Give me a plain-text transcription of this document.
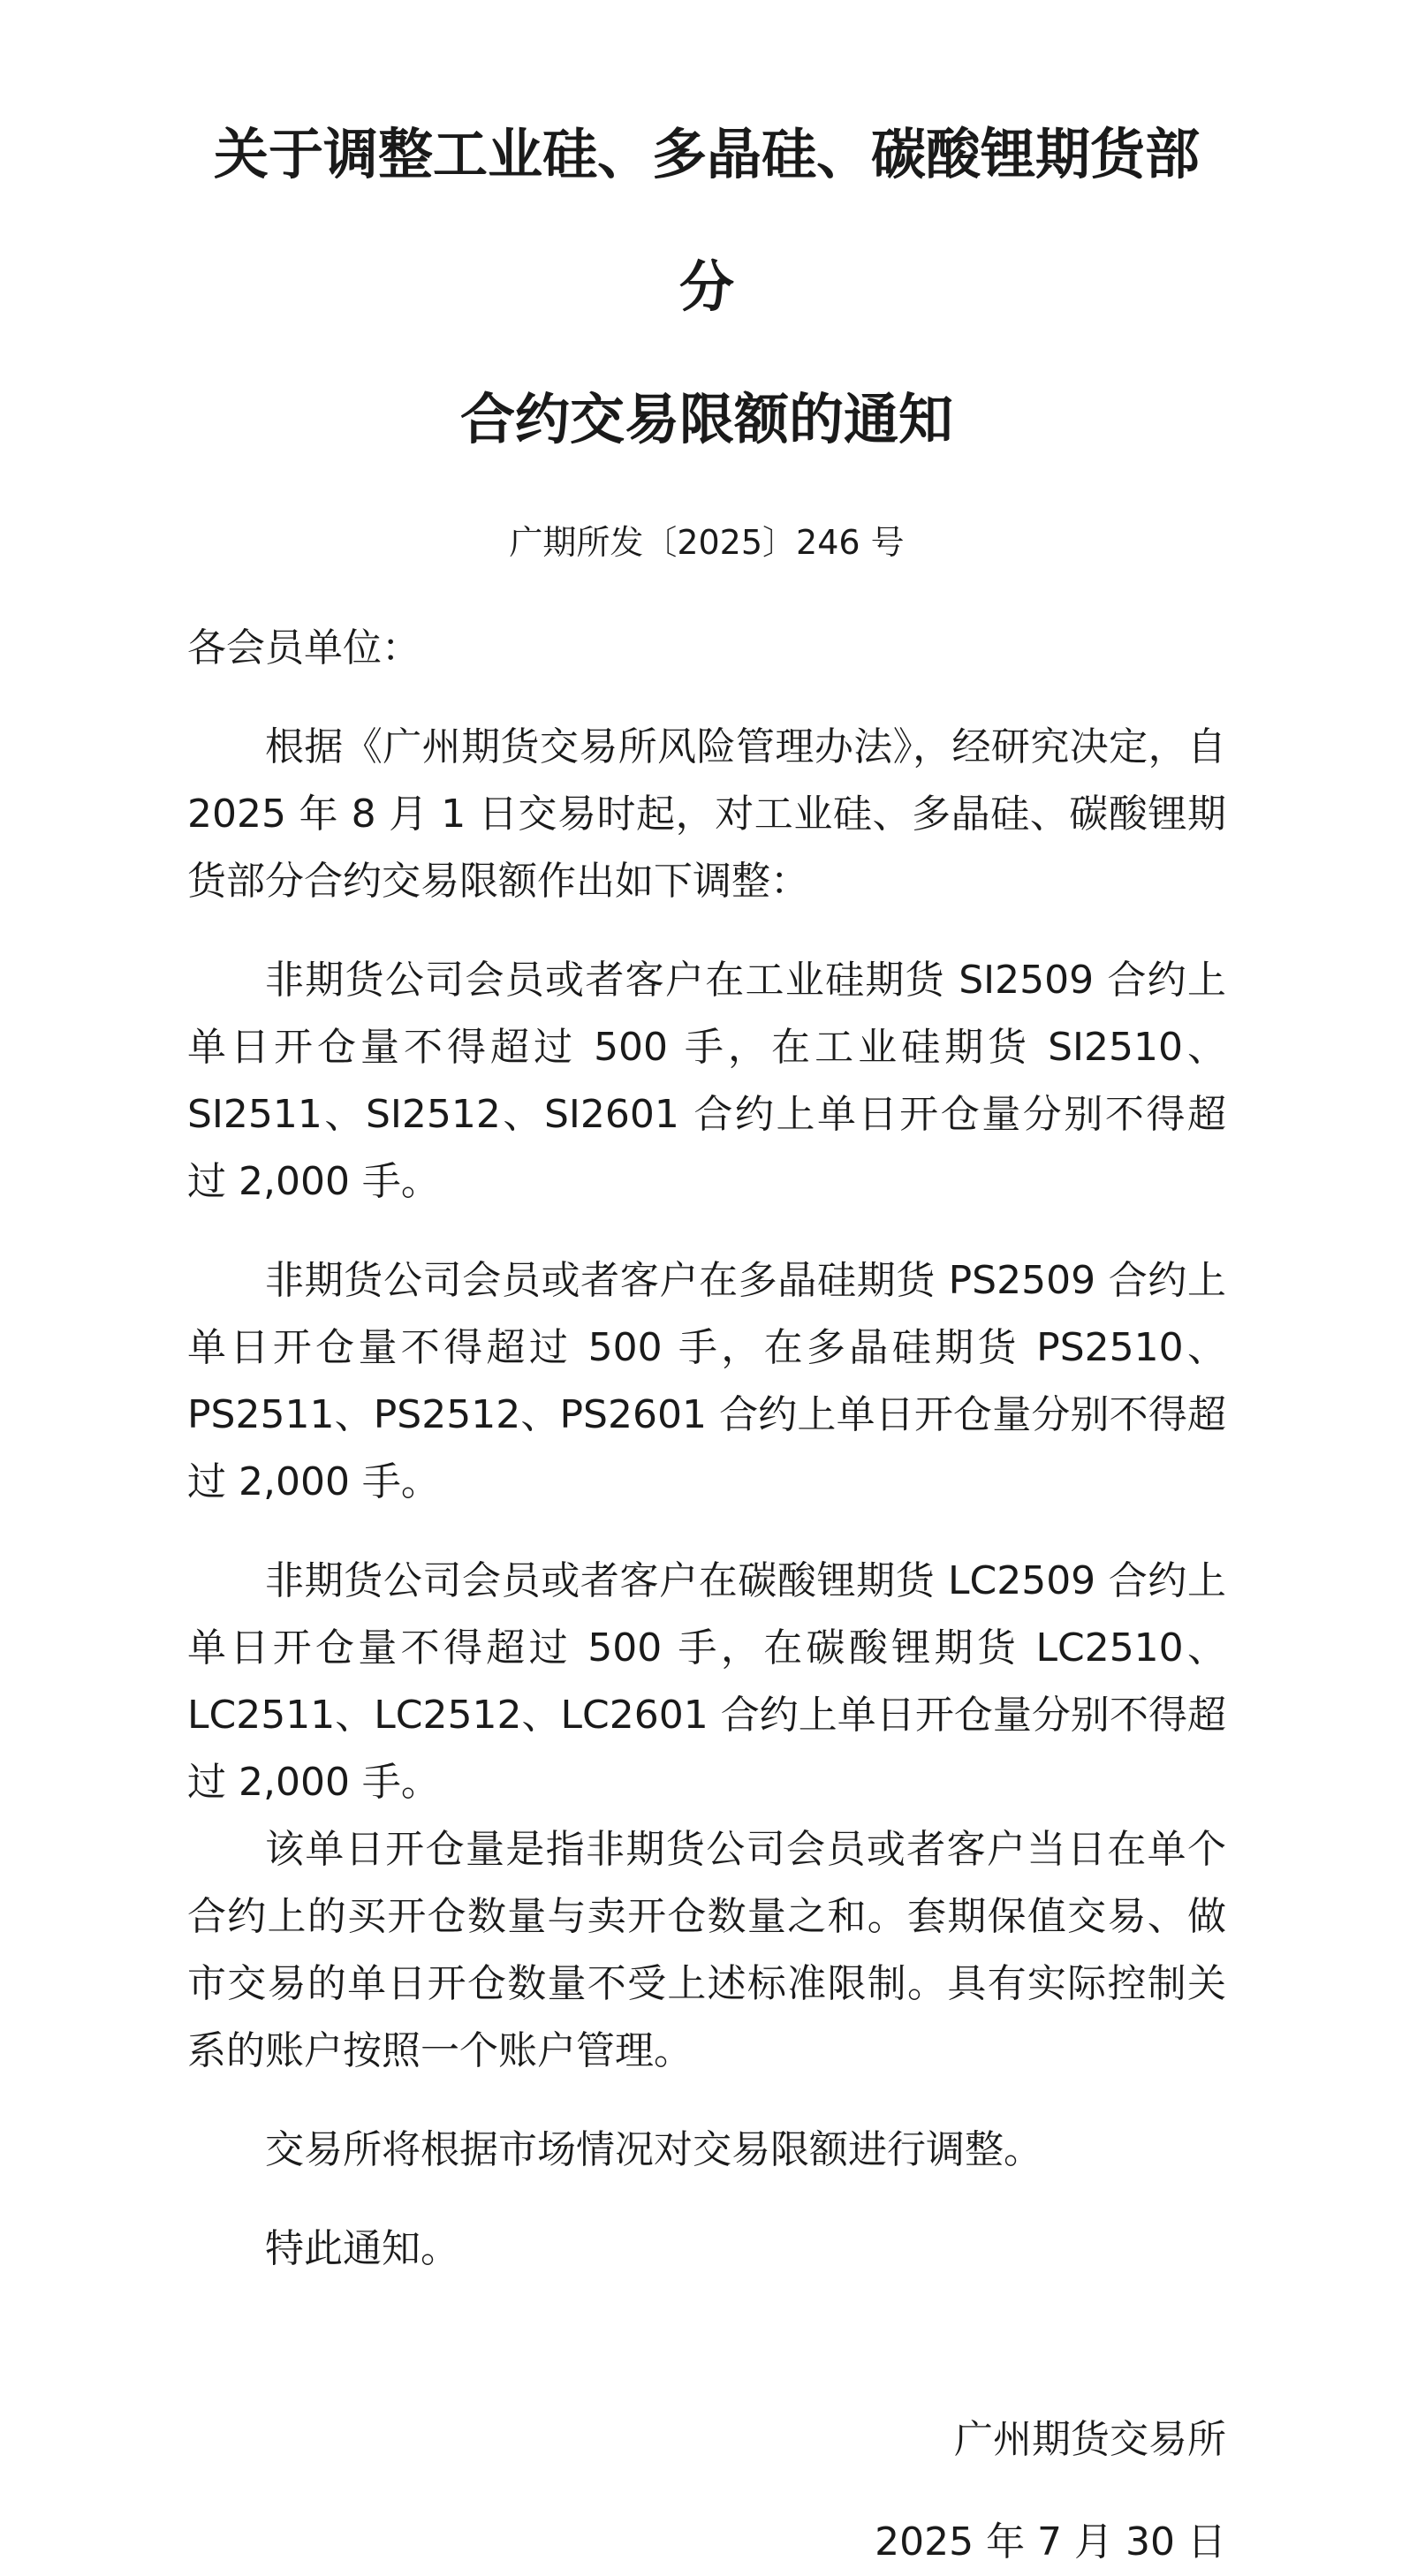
关于调整工业硅、多晶硅、碳酸锂期货部分
合约交易限额的通知
广期所发〔2025〕246 号
各会员单位：

根据《广州期货交易所风险管理办法》，经研究决定，自 2025 年 8 月 1 日交易时起，对工业硅、多晶硅、碳酸锂期货部分合约交易限额作出如下调整：

非期货公司会员或者客户在工业硅期货 SI2509 合约上单日开仓量不得超过 500 手，在工业硅期货 SI2510、SI2511、SI2512、SI2601 合约上单日开仓量分别不得超过 2,000 手。

非期货公司会员或者客户在多晶硅期货 PS2509 合约上单日开仓量不得超过 500 手，在多晶硅期货 PS2510、PS2511、PS2512、PS2601 合约上单日开仓量分别不得超过 2,000 手。

非期货公司会员或者客户在碳酸锂期货 LC2509 合约上单日开仓量不得超过 500 手，在碳酸锂期货 LC2510、LC2511、LC2512、LC2601 合约上单日开仓量分别不得超过 2,000 手。

该单日开仓量是指非期货公司会员或者客户当日在单个合约上的买开仓数量与卖开仓数量之和。套期保值交易、做市交易的单日开仓数量不受上述标准限制。具有实际控制关系的账户按照一个账户管理。

交易所将根据市场情况对交易限额进行调整。

特此通知。

广州期货交易所
2025 年 7 月 30 日
